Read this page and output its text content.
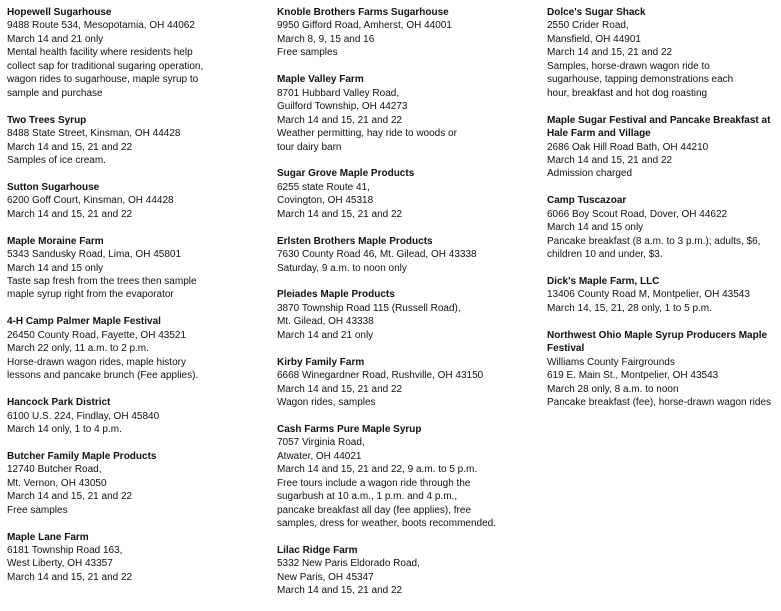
Hopewell Sugarhouse
9488 Route 534, Mesopotamia, OH 44062
March 14 and 21 only
Mental health facility where residents help
collect sap for traditional sugaring operation,
wagon rides to sugarhouse, maple syrup to
sample and purchase
Two Trees Syrup
8488 State Street, Kinsman, OH 44428
March 14 and 15, 21 and 22
Samples of ice cream.
Sutton Sugarhouse
6200 Goff Court, Kinsman, OH 44428
March 14 and 15, 21 and 22
Maple Moraine Farm
5343 Sandusky Road, Lima, OH 45801
March 14 and 15 only
Taste sap fresh from the trees then sample
maple syrup right from the evaporator
4-H Camp Palmer Maple Festival
26450 County Road, Fayette, OH 43521
March 22 only, 11 a.m. to 2 p.m.
Horse-drawn wagon rides, maple history
lessons and pancake brunch (Fee applies).
Hancock Park District
6100 U.S. 224, Findlay, OH 45840
March 14 only, 1 to 4 p.m.
Butcher Family Maple Products
12740 Butcher Road,
Mt. Vernon, OH 43050
March 14 and 15, 21 and 22
Free samples
Maple Lane Farm
6181 Township Road 163,
West Liberty, OH 43357
March 14 and 15, 21 and 22
Knoble Brothers Farms Sugarhouse
9950 Gifford Road, Amherst, OH 44001
March 8, 9, 15 and 16
Free samples
Maple Valley Farm
8701 Hubbard Valley Road,
Guilford Township, OH 44273
March 14 and 15, 21 and 22
Weather permitting, hay ride to woods or
tour dairy barn
Sugar Grove Maple Products
6255 state Route 41,
Covington, OH 45318
March 14 and 15, 21 and 22
Erlsten Brothers Maple Products
7630 County Road 46, Mt. Gilead, OH 43338
Saturday, 9 a.m. to noon only
Pleiades Maple Products
3870 Township Road 115 (Russell Road),
Mt. Gilead, OH 43338
March 14 and 21 only
Kirby Family Farm
6668 Winegardner Road, Rushville, OH 43150
March 14 and 15, 21 and 22
Wagon rides, samples
Cash Farms Pure Maple Syrup
7057 Virginia Road,
Atwater, OH 44021
March 14 and 15, 21 and 22, 9 a.m. to 5 p.m.
Free tours include a wagon ride through the
sugarbush at 10 a.m., 1 p.m. and 4 p.m.,
pancake breakfast all day (fee applies), free
samples, dress for weather, boots recommended.
Lilac Ridge Farm
5332 New Paris Eldorado Road,
New Paris, OH 45347
March 14 and 15, 21 and 22
Dolce's Sugar Shack
2550 Crider Road,
Mansfield, OH 44901
March 14 and 15, 21 and 22
Samples, horse-drawn wagon ride to
sugarhouse, tapping demonstrations each
hour, breakfast and hot dog roasting
Maple Sugar Festival and Pancake Breakfast at Hale Farm and Village
2686 Oak Hill Road Bath, OH 44210
March 14 and 15, 21 and 22
Admission charged
Camp Tuscazoar
6066 Boy Scout Road, Dover, OH 44622
March 14 and 15 only
Pancake breakfast (8 a.m. to 3 p.m.); adults, $6,
children 10 and under, $3.
Dick's Maple Farm, LLC
13406 County Road M, Montpelier, OH 43543
March 14, 15, 21, 28 only, 1 to 5 p.m.
Northwest Ohio Maple Syrup Producers Maple Festival
Williams County Fairgrounds
619 E. Main St., Montpelier, OH 43543
March 28 only, 8 a.m. to noon
Pancake breakfast (fee), horse-drawn wagon rides
